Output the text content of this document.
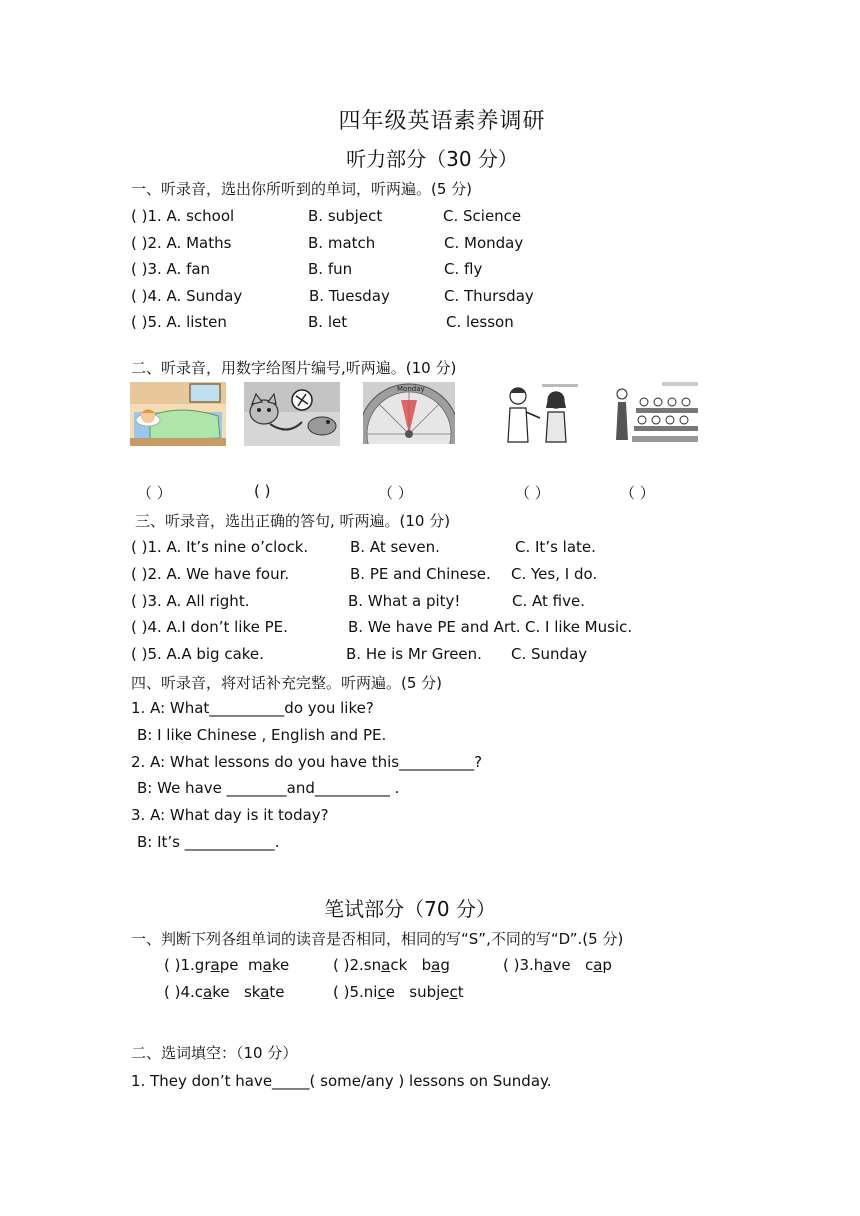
四年级英语素养调研
听力部分（30 分）
一、听录音，选出你所听到的单词，听两遍。(5 分)
( )1. A. school	B. subject	C. Science
( )2. A. Maths	B. match	C. Monday
( )3. A. fan	B. fun	C. fly
( )4. A. Sunday	B. Tuesday	C. Thursday
( )5. A. listen	B. let	C. lesson
二、听录音，用数字给图片编号,听两遍。(10 分)
Monday
（ ）	( )	（ ）	（ ）	（ ）
三、听录音，选出正确的答句, 听两遍。(10 分)
( )1. A. It’s nine o’clock.	B. At seven.	C. It’s late.
( )2. A. We have four.	B. PE and Chinese. C. Yes, I do.
( )3. A. All right.	B. What a pity!	C. At five.
( )4. A.I don’t like PE.	B. We have PE and Art. C. I like Music.
( )5. A.A big cake.	B. He is Mr Green. C. Sunday
四、听录音，将对话补充完整。听两遍。(5 分)
1. A: What__________do you like?
B: I like Chinese , English and PE.
2. A: What lessons do you have this__________?
B: We have ________and__________ .
3. A: What day is it today?
B: It’s ____________.
笔试部分（70 分）
一、判断下列各组单词的读音是否相同，相同的写“S”,不同的写“D”.(5 分)
( )1.grape make	( )2.snack bag	( )3.have cap
( )4.cake skate	( )5.nice subject
二、选词填空：（10 分）
1. They don’t have_____( some/any ) lessons on Sunday.
